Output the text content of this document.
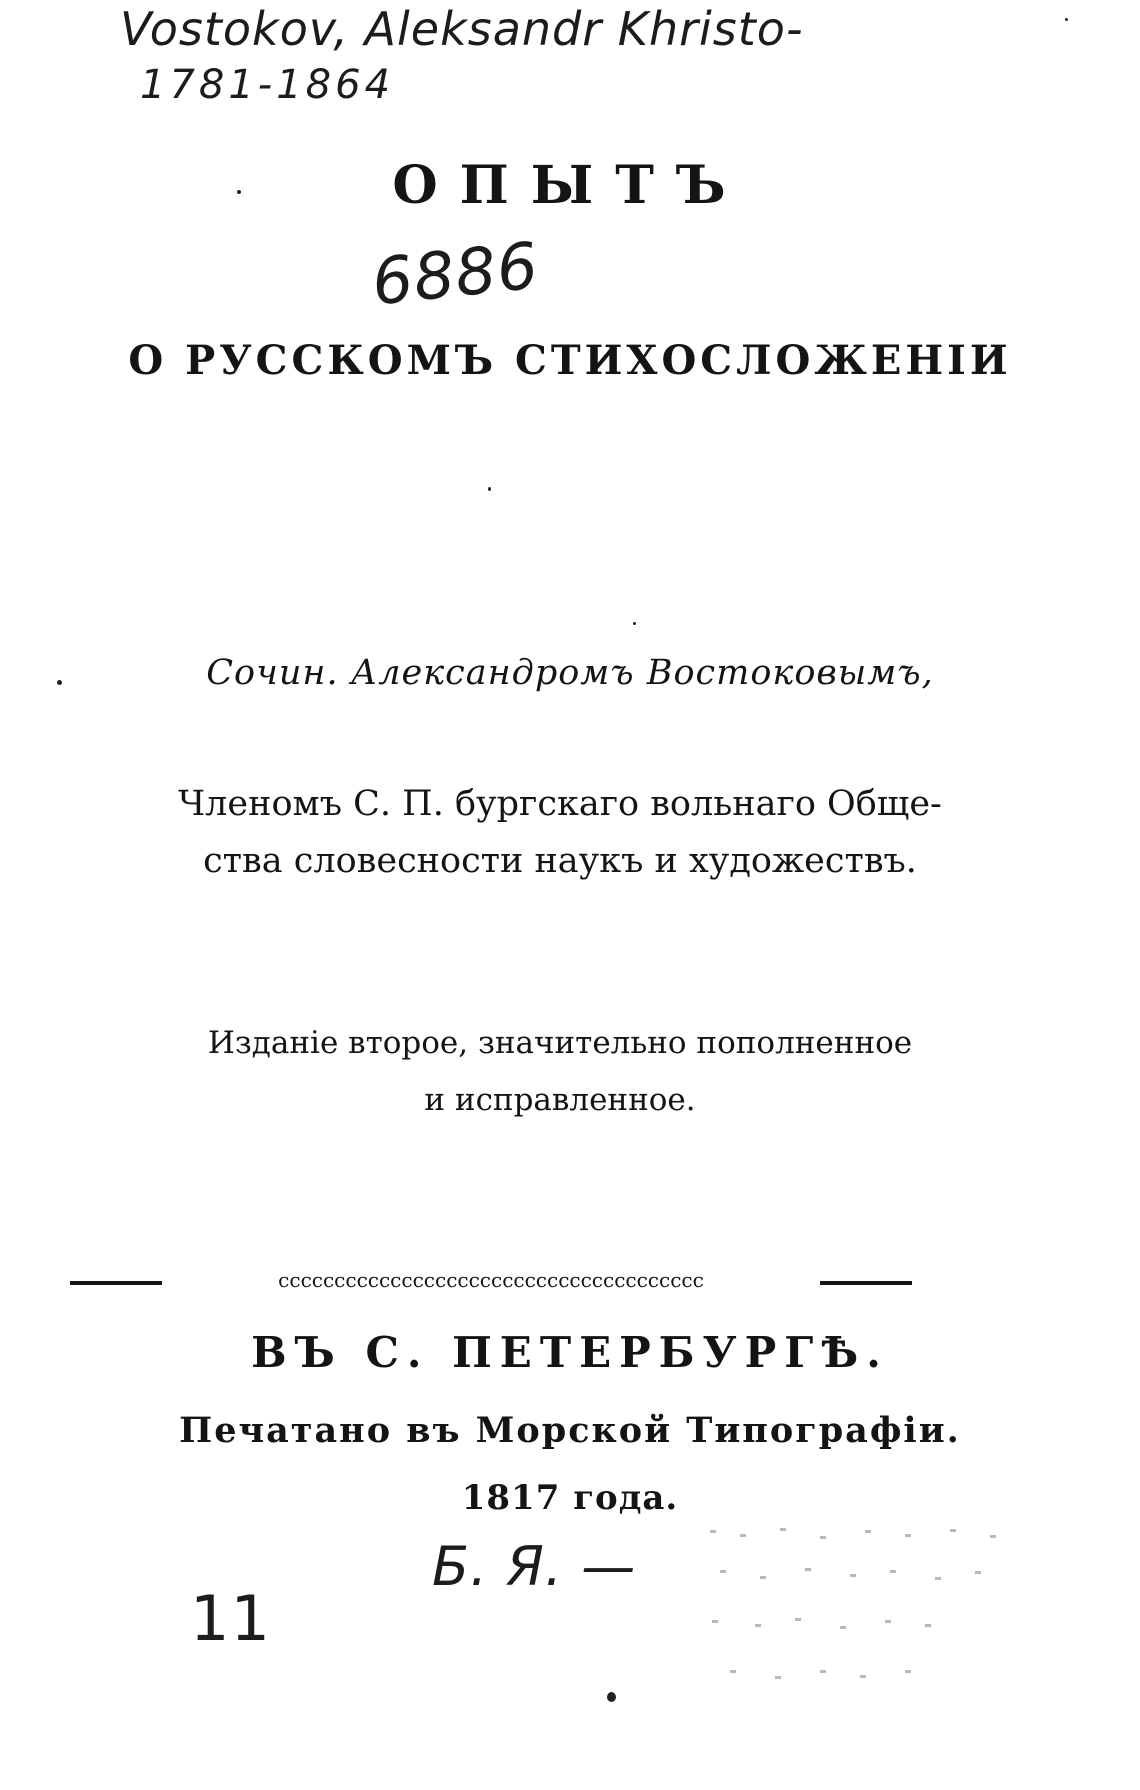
Vostokov, Aleksandr Khristo-
1781-1864
ОПЫТЪ
6886
О РУССКОМЪ СТИХОСЛОЖЕНІИ

Сочин. Александромъ Востоковымъ,

Членомъ С. П. бургскаго вольнаго Обще-
ства словесности наукъ и художествъ.
Изданіе второе, значительно пополненное
и исправленное.
cccccccccccccccccccccccccccccccccccccc
ВЪ С. ПЕТЕРБУРГѢ.
Печатано въ Морской Типографіи.
1817 года.
Б. Я. —
11
